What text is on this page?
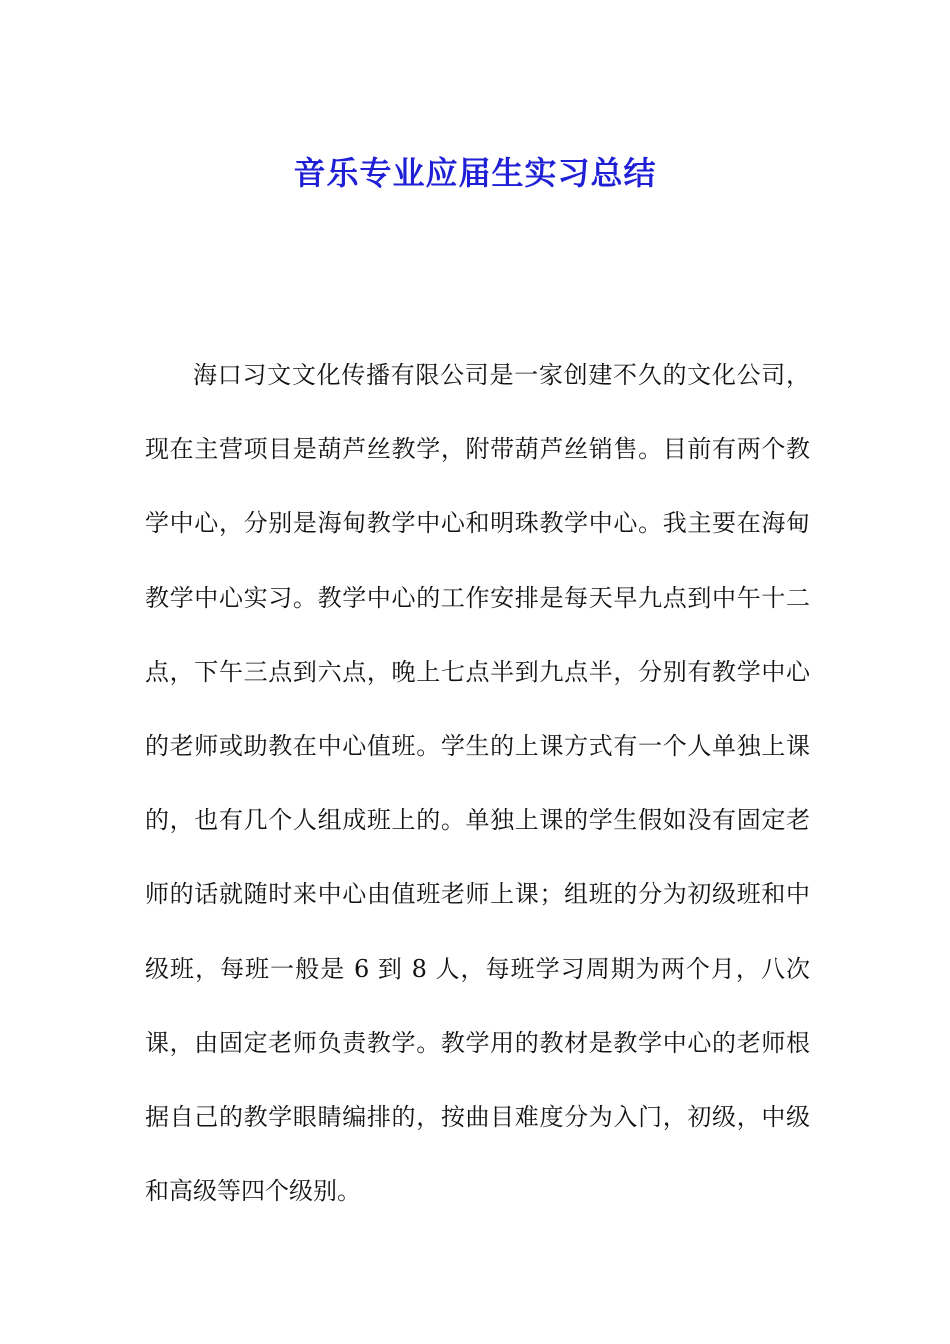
音乐专业应届生实习总结

海口习文文化传播有限公司是一家创建不久的文化公司，现在主营项目是葫芦丝教学，附带葫芦丝销售。目前有两个教学中心，分别是海甸教学中心和明珠教学中心。我主要在海甸教学中心实习。教学中心的工作安排是每天早九点到中午十二点，下午三点到六点，晚上七点半到九点半，分别有教学中心的老师或助教在中心值班。学生的上课方式有一个人单独上课的，也有几个人组成班上的。单独上课的学生假如没有固定老师的话就随时来中心由值班老师上课；组班的分为初级班和中级班，每班一般是 6 到 8 人，每班学习周期为两个月，八次课，由固定老师负责教学。教学用的教材是教学中心的老师根据自己的教学眼睛编排的，按曲目难度分为入门，初级，中级和高级等四个级别。
